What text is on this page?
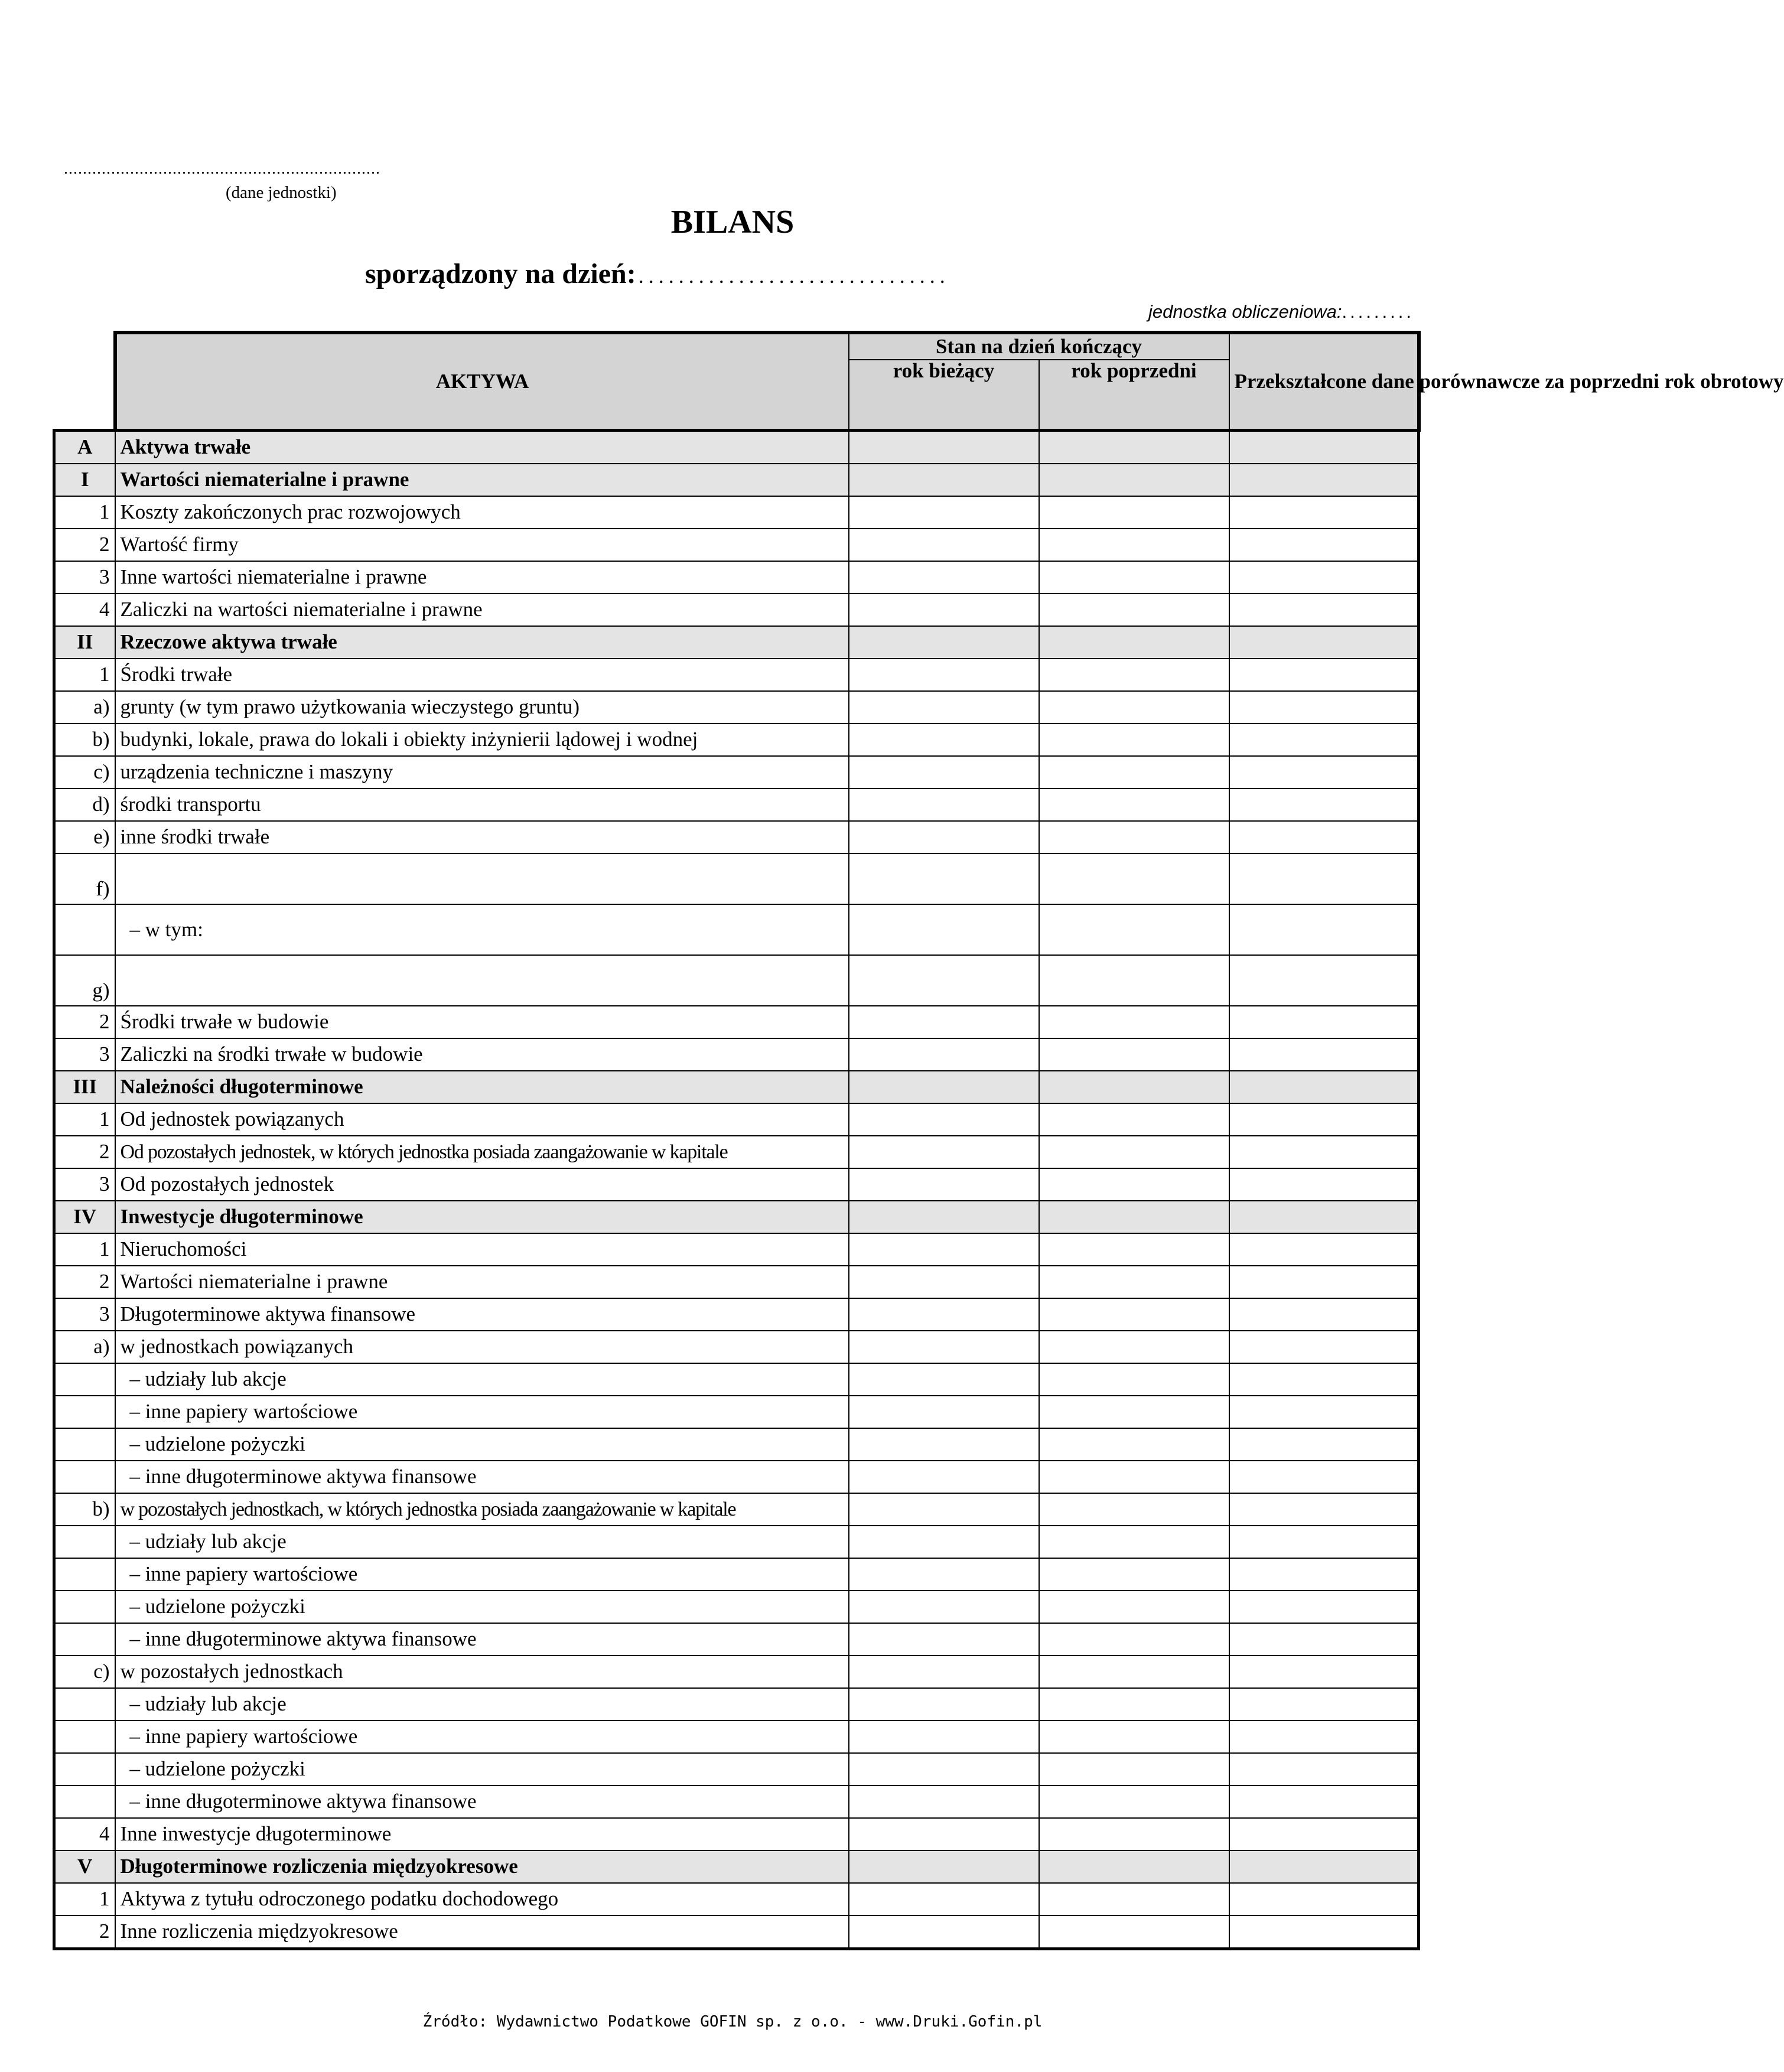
...................................................................
(dane jednostki)
BILANS
sporządzony na dzień: ...............................
jednostka obliczeniowa:.........
	AKTYWA	Stan na dzień kończący		Przekształcone dane porównawcze za poprzedni rok obrotowy
		rok bieżący	rok poprzedni	
A	Aktywa trwałe			
I	Wartości niematerialne i prawne			
1	Koszty zakończonych prac rozwojowych			
2	Wartość firmy			
3	Inne wartości niematerialne i prawne			
4	Zaliczki na wartości niematerialne i prawne			
II	Rzeczowe aktywa trwałe			
1	Środki trwałe			
a)	grunty (w tym prawo użytkowania wieczystego gruntu)			
b)	budynki, lokale, prawa do lokali i obiekty inżynierii lądowej i wodnej			
c)	urządzenia techniczne i maszyny			
d)	środki transportu			
e)	inne środki trwałe			
f)				
	– w tym:			
g)				
2	Środki trwałe w budowie			
3	Zaliczki na środki trwałe w budowie			
III	Należności długoterminowe			
1	Od jednostek powiązanych			
2	Od pozostałych jednostek, w których jednostka posiada zaangażowanie w kapitale			
3	Od pozostałych jednostek			
IV	Inwestycje długoterminowe			
1	Nieruchomości			
2	Wartości niematerialne i prawne			
3	Długoterminowe aktywa finansowe			
a)	w jednostkach powiązanych			
	– udziały lub akcje			
	– inne papiery wartościowe			
	– udzielone pożyczki			
	– inne długoterminowe aktywa finansowe			
b)	w pozostałych jednostkach, w których jednostka posiada zaangażowanie w kapitale			
	– udziały lub akcje			
	– inne papiery wartościowe			
	– udzielone pożyczki			
	– inne długoterminowe aktywa finansowe			
c)	w pozostałych jednostkach			
	– udziały lub akcje			
	– inne papiery wartościowe			
	– udzielone pożyczki			
	– inne długoterminowe aktywa finansowe			
4	Inne inwestycje długoterminowe			
V	Długoterminowe rozliczenia międzyokresowe			
1	Aktywa z tytułu odroczonego podatku dochodowego			
2	Inne rozliczenia międzyokresowe			
Źródło: Wydawnictwo Podatkowe GOFIN sp. z o.o. - www.Druki.Gofin.pl
